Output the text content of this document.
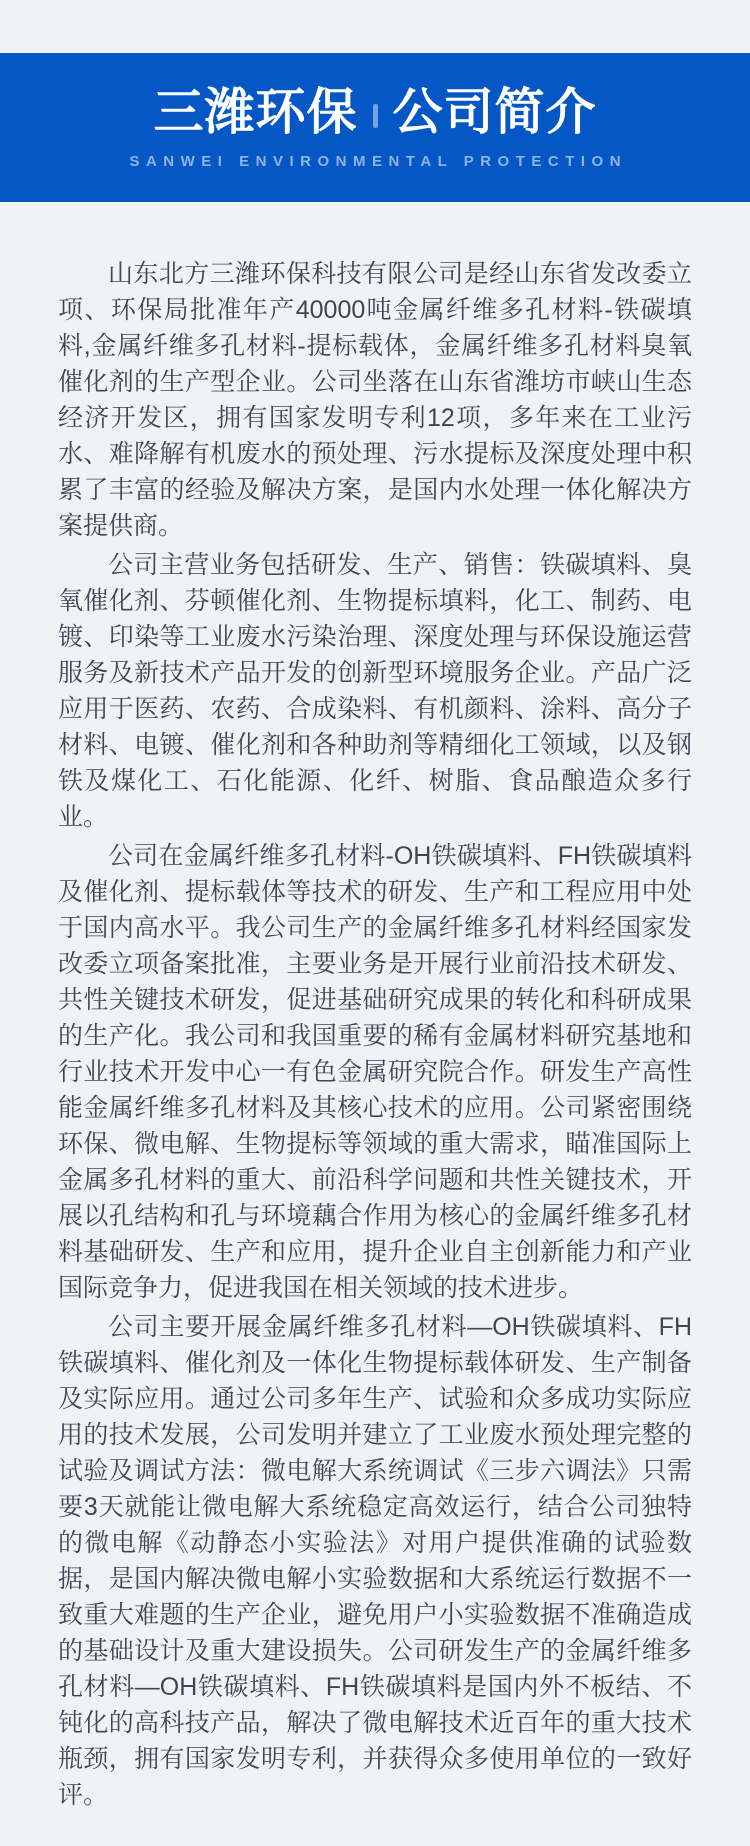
三潍环保 公司简介
SANWEI ENVIRONMENTAL PROTECTION

山东北方三潍环保科技有限公司是经山东省发改委立项、环保局批准年产40000吨金属纤维多孔材料-铁碳填料,金属纤维多孔材料-提标载体，金属纤维多孔材料臭氧催化剂的生产型企业。公司坐落在山东省潍坊市峡山生态经济开发区，拥有国家发明专利12项，多年来在工业污水、难降解有机废水的预处理、污水提标及深度处理中积累了丰富的经验及解决方案，是国内水处理一体化解决方案提供商。

公司主营业务包括研发、生产、销售：铁碳填料、臭氧催化剂、芬顿催化剂、生物提标填料，化工、制药、电镀、印染等工业废水污染治理、深度处理与环保设施运营服务及新技术产品开发的创新型环境服务企业。产品广泛应用于医药、农药、合成染料、有机颜料、涂料、高分子材料、电镀、催化剂和各种助剂等精细化工领域，以及钢铁及煤化工、石化能源、化纤、树脂、食品酿造众多行业。

公司在金属纤维多孔材料-OH铁碳填料、FH铁碳填料及催化剂、提标载体等技术的研发、生产和工程应用中处于国内高水平。我公司生产的金属纤维多孔材料经国家发改委立项备案批准，主要业务是开展行业前沿技术研发、共性关键技术研发，促进基础研究成果的转化和科研成果的生产化。我公司和我国重要的稀有金属材料研究基地和行业技术开发中心一有色金属研究院合作。研发生产高性能金属纤维多孔材料及其核心技术的应用。公司紧密围绕环保、微电解、生物提标等领域的重大需求，瞄准国际上金属多孔材料的重大、前沿科学问题和共性关键技术，开展以孔结构和孔与环境藕合作用为核心的金属纤维多孔材料基础研发、生产和应用，提升企业自主创新能力和产业国际竞争力，促进我国在相关领域的技术进步。

公司主要开展金属纤维多孔材料—OH铁碳填料、FH铁碳填料、催化剂及一体化生物提标载体研发、生产制备及实际应用。通过公司多年生产、试验和众多成功实际应用的技术发展，公司发明并建立了工业废水预处理完整的试验及调试方法：微电解大系统调试《三步六调法》只需要3天就能让微电解大系统稳定高效运行，结合公司独特的微电解《动静态小实验法》对用户提供准确的试验数据，是国内解决微电解小实验数据和大系统运行数据不一致重大难题的生产企业，避免用户小实验数据不准确造成的基础设计及重大建设损失。公司研发生产的金属纤维多孔材料—OH铁碳填料、FH铁碳填料是国内外不板结、不钝化的高科技产品，解决了微电解技术近百年的重大技术瓶颈，拥有国家发明专利，并获得众多使用单位的一致好评。
